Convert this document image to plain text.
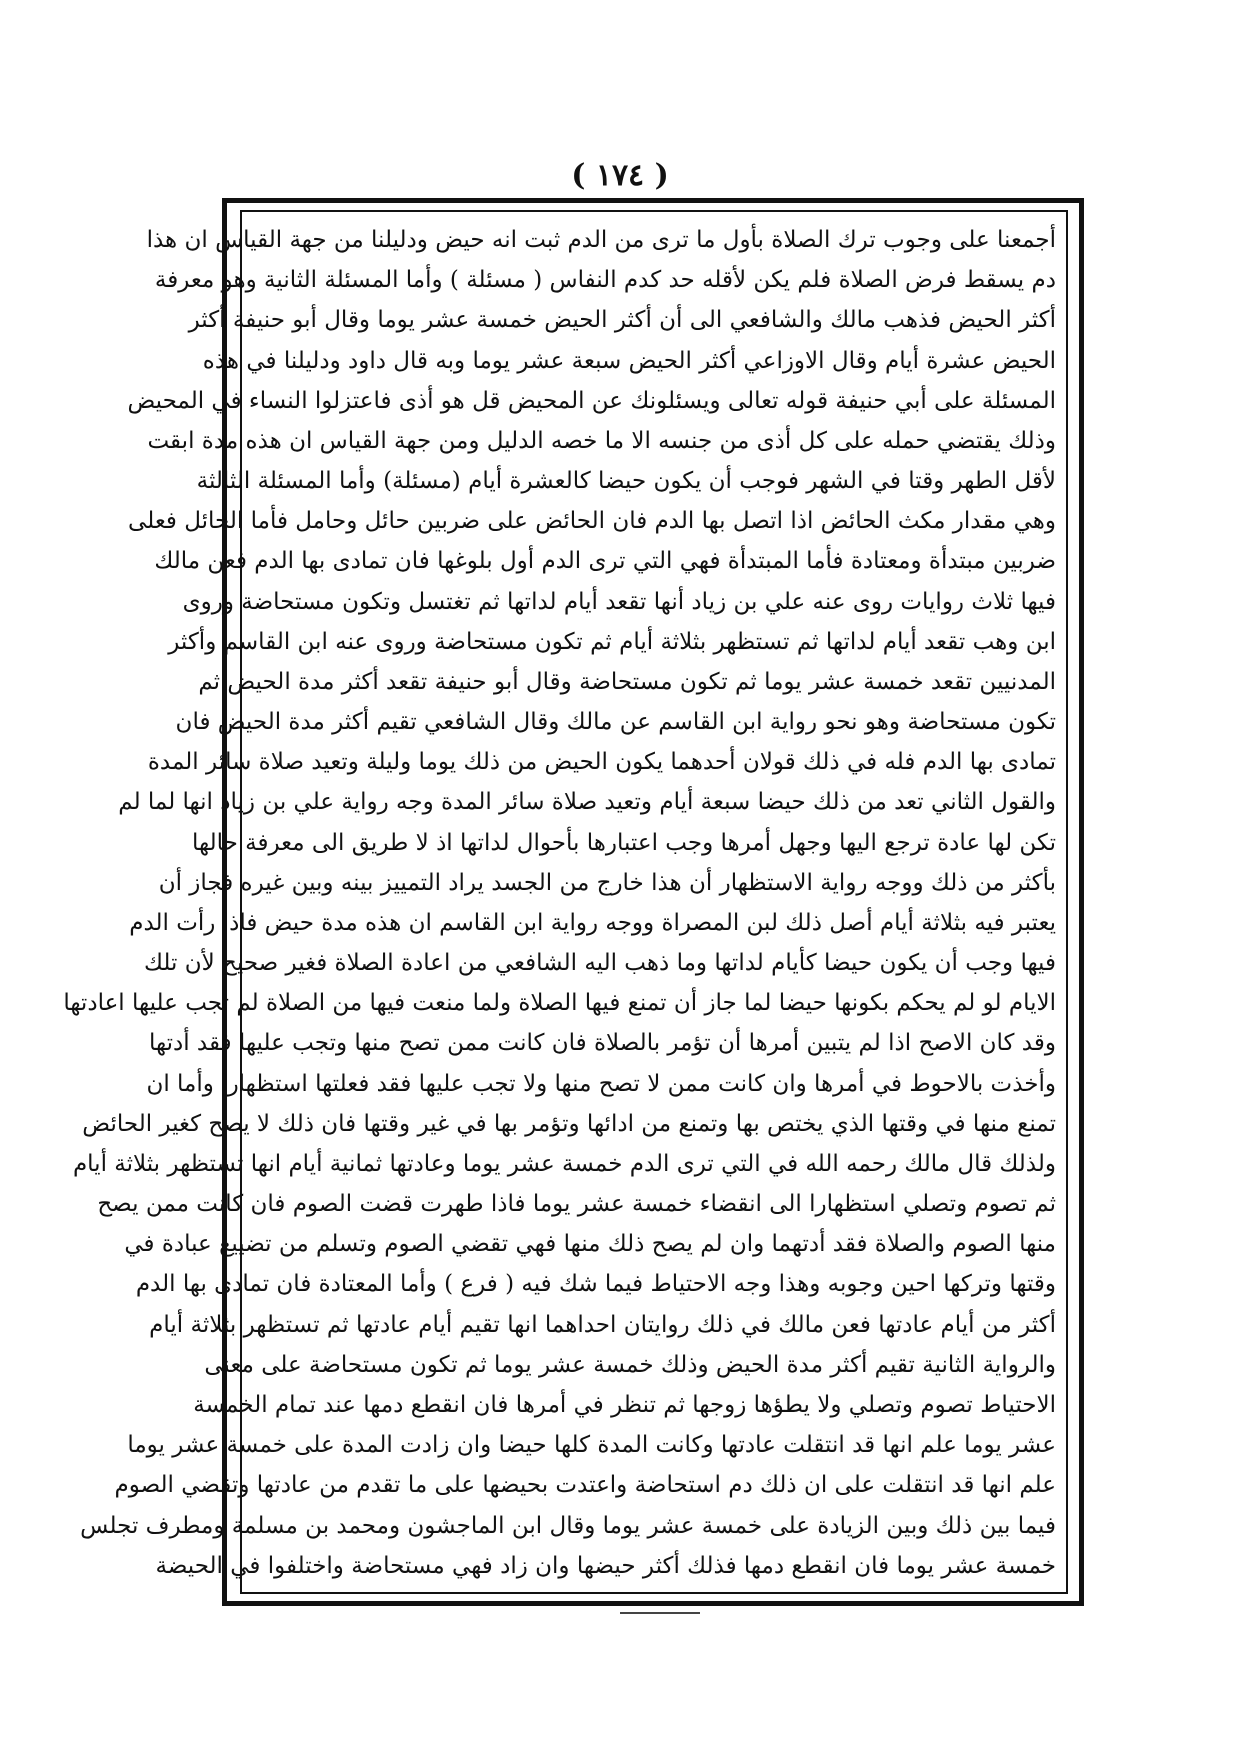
( ١٧٤ )
أجمعنا على وجوب ترك الصلاة بأول ما ترى من الدم ثبت انه حيض ودليلنا من جهة القياس ان هذا
دم يسقط فرض الصلاة فلم يكن لأقله حد كدم النفاس ( مسئلة ) وأما المسئلة الثانية وهو معرفة
أكثر الحيض فذهب مالك والشافعي الى أن أكثر الحيض خمسة عشر يوما وقال أبو حنيفة أكثر
الحيض عشرة أيام وقال الاوزاعي أكثر الحيض سبعة عشر يوما وبه قال داود ودليلنا في هذه
المسئلة على أبي حنيفة قوله تعالى ويسئلونك عن المحيض قل هو أذى فاعتزلوا النساء في المحيض
وذلك يقتضي حمله على كل أذى من جنسه الا ما خصه الدليل ومن جهة القياس ان هذه مدة ابقت
لأقل الطهر وقتا في الشهر فوجب أن يكون حيضا كالعشرة أيام (مسئلة) وأما المسئلة الثالثة
وهي مقدار مكث الحائض اذا اتصل بها الدم فان الحائض على ضربين حائل وحامل فأما الحائل فعلى
ضربين مبتدأة ومعتادة فأما المبتدأة فهي التي ترى الدم أول بلوغها فان تمادى بها الدم فعن مالك
فيها ثلاث روايات روى عنه علي بن زياد أنها تقعد أيام لداتها ثم تغتسل وتكون مستحاضة وروى
ابن وهب تقعد أيام لداتها ثم تستظهر بثلاثة أيام ثم تكون مستحاضة وروى عنه ابن القاسم وأكثر
المدنيين تقعد خمسة عشر يوما ثم تكون مستحاضة وقال أبو حنيفة تقعد أكثر مدة الحيض ثم
تكون مستحاضة وهو نحو رواية ابن القاسم عن مالك وقال الشافعي تقيم أكثر مدة الحيض فان
تمادى بها الدم فله في ذلك قولان أحدهما يكون الحيض من ذلك يوما وليلة وتعيد صلاة سائر المدة
والقول الثاني تعد من ذلك حيضا سبعة أيام وتعيد صلاة سائر المدة وجه رواية علي بن زياد انها لما لم
تكن لها عادة ترجع اليها وجهل أمرها وجب اعتبارها بأحوال لداتها اذ لا طريق الى معرفة حالها
بأكثر من ذلك ووجه رواية الاستظهار أن هذا خارج من الجسد يراد التمييز بينه وبين غيره فجاز أن
يعتبر فيه بثلاثة أيام أصل ذلك لبن المصراة ووجه رواية ابن القاسم ان هذه مدة حيض فاذا رأت الدم
فيها وجب أن يكون حيضا كأيام لداتها وما ذهب اليه الشافعي من اعادة الصلاة فغير صحيح لأن تلك
الايام لو لم يحكم بكونها حيضا لما جاز أن تمنع فيها الصلاة ولما منعت فيها من الصلاة لم تجب عليها اعادتها
وقد كان الاصح اذا لم يتبين أمرها أن تؤمر بالصلاة فان كانت ممن تصح منها وتجب عليها فقد أدتها
وأخذت بالاحوط في أمرها وان كانت ممن لا تصح منها ولا تجب عليها فقد فعلتها استظهارا وأما ان
تمنع منها في وقتها الذي يختص بها وتمنع من ادائها وتؤمر بها في غير وقتها فان ذلك لا يصح كغير الحائض
ولذلك قال مالك رحمه الله في التي ترى الدم خمسة عشر يوما وعادتها ثمانية أيام انها تستظهر بثلاثة أيام
ثم تصوم وتصلي استظهارا الى انقضاء خمسة عشر يوما فاذا طهرت قضت الصوم فان كانت ممن يصح
منها الصوم والصلاة فقد أدتهما وان لم يصح ذلك منها فهي تقضي الصوم وتسلم من تضييع عبادة في
وقتها وتركها احين وجوبه وهذا وجه الاحتياط فيما شك فيه ( فرع ) وأما المعتادة فان تمادى بها الدم
أكثر من أيام عادتها فعن مالك في ذلك روايتان احداهما انها تقيم أيام عادتها ثم تستظهر بثلاثة أيام
والرواية الثانية تقيم أكثر مدة الحيض وذلك خمسة عشر يوما ثم تكون مستحاضة على معنى
الاحتياط تصوم وتصلي ولا يطؤها زوجها ثم تنظر في أمرها فان انقطع دمها عند تمام الخمسة
عشر يوما علم انها قد انتقلت عادتها وكانت المدة كلها حيضا وان زادت المدة على خمسة عشر يوما
علم انها قد انتقلت على ان ذلك دم استحاضة واعتدت بحيضها على ما تقدم من عادتها وتقضي الصوم
فيما بين ذلك وبين الزيادة على خمسة عشر يوما وقال ابن الماجشون ومحمد بن مسلمة ومطرف تجلس
خمسة عشر يوما فان انقطع دمها فذلك أكثر حيضها وان زاد فهي مستحاضة واختلفوا في الحيضة
